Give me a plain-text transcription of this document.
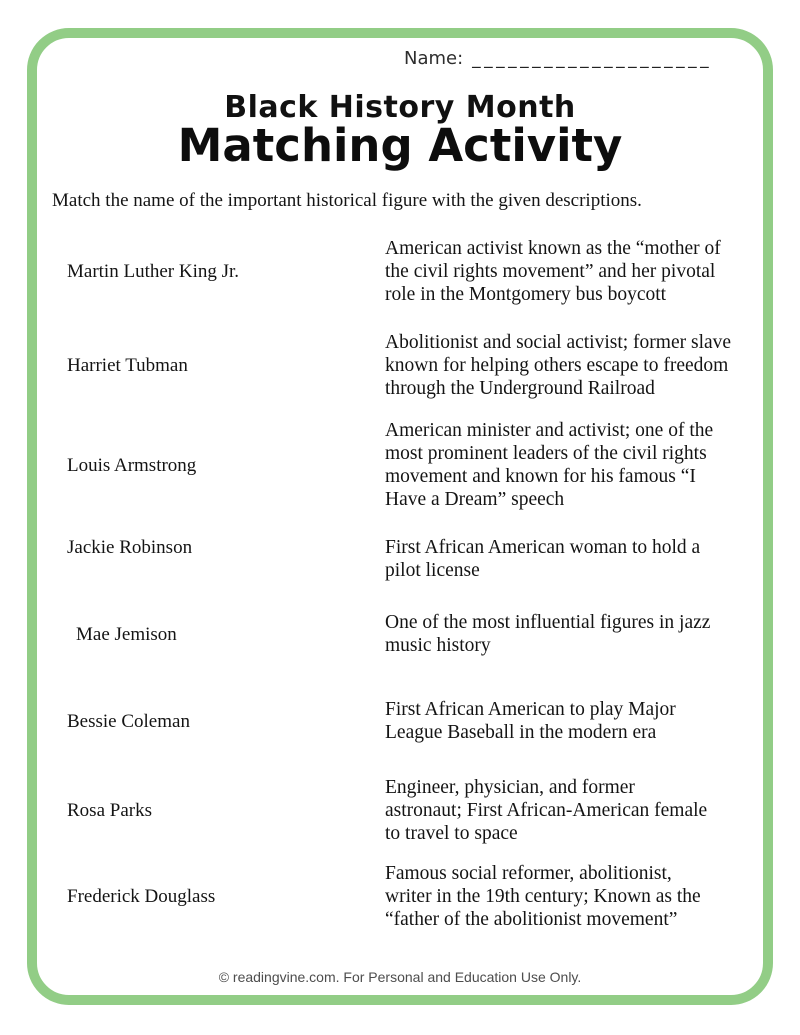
Name: ____________________
Black History Month
Matching Activity

Match the name of the important historical figure with the given descriptions.

Martin Luther King Jr.
American activist known as the “mother of
the civil rights movement” and her pivotal
role in the Montgomery bus boycott
Harriet Tubman
Abolitionist and social activist; former slave
known for helping others escape to freedom
through the Underground Railroad
Louis Armstrong
American minister and activist; one of the
most prominent leaders of the civil rights
movement and known for his famous “I
Have a Dream” speech
Jackie Robinson	First African American woman to hold a
pilot license
Mae Jemison
One of the most influential figures in jazz
music history
Bessie Coleman
First African American to play Major
League Baseball in the modern era
Rosa Parks
Engineer, physician, and former
astronaut; First African-American female
to travel to space
Frederick Douglass
Famous social reformer, abolitionist,
writer in the 19th century; Known as the
“father of the abolitionist movement”
© readingvine.com. For Personal and Education Use Only.
